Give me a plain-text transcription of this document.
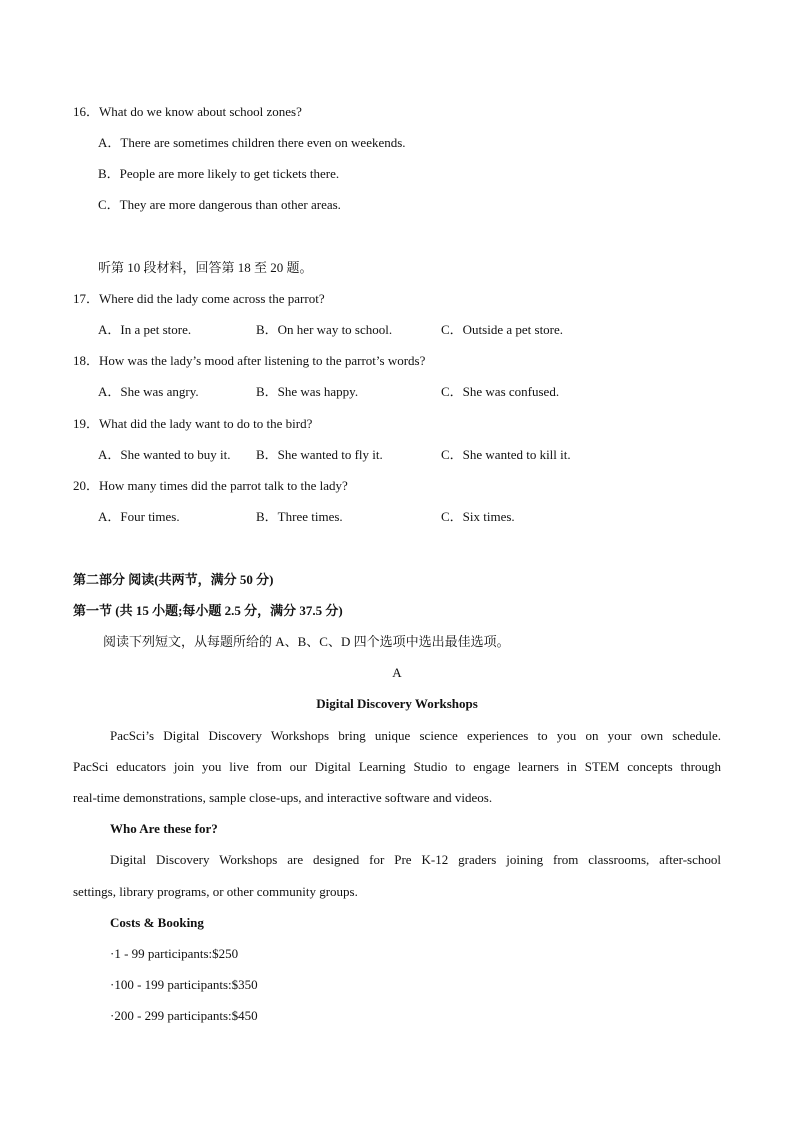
16．What do we know about school zones?
A．There are sometimes children there even on weekends.
B．People are more likely to get tickets there.
C．They are more dangerous than other areas.
听第 10 段材料，回答第 18 至 20 题。
17．Where did the lady come across the parrot?
A．In a pet store.	B．On her way to school.	C．Outside a pet store.
18．How was the lady’s mood after listening to the parrot’s words?
A．She was angry.	B．She was happy.	C．She was confused.
19．What did the lady want to do to the bird?
A．She wanted to buy it. B．She wanted to fly it.	C．She wanted to kill it.
20．How many times did the parrot talk to the lady?
A．Four times.	B．Three times.	C．Six times.
第二部分 阅读(共两节，满分 50 分)
第一节 (共 15 小题;每小题 2.5 分，满分 37.5 分)
阅读下列短文，从每题所给的 A、B、C、D 四个选项中选出最佳选项。
A
Digital Discovery Workshops
PacSci’s Digital Discovery Workshops bring unique science experiences to you on your own schedule.
PacSci educators join you live from our Digital Learning Studio to engage learners in STEM concepts through
real-time demonstrations, sample close-ups, and interactive software and videos.
Who Are these for?
Digital Discovery Workshops are designed for Pre K-12 graders joining from classrooms, after-school
settings, library programs, or other community groups.
Costs & Booking
·1 - 99 participants:$250
·100 - 199 participants:$350
·200 - 299 participants:$450
